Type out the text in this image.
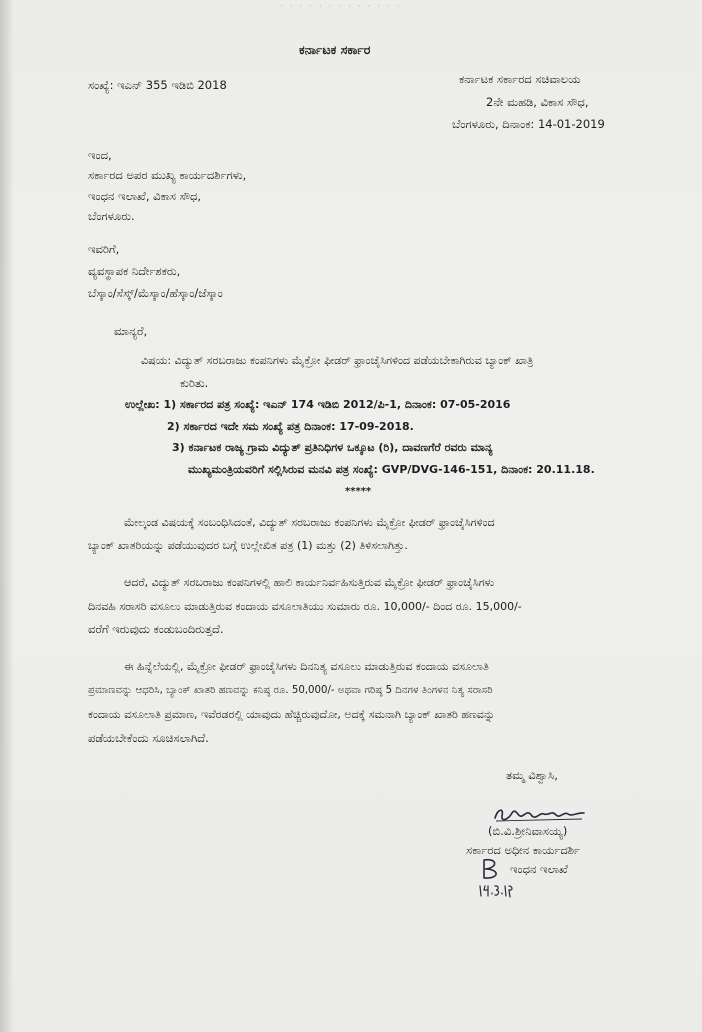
· · · · · · · · · · · · ·
ಕರ್ನಾಟಕ ಸರ್ಕಾರ
ಸಂಖ್ಯೆ: ಇಎನ್ 355 ಇಡಿಬಿ 2018	ಕರ್ನಾಟಕ ಸರ್ಕಾರದ ಸಚಿವಾಲಯ
2ನೇ ಮಹಡಿ, ವಿಕಾಸ ಸೌಧ,
ಬೆಂಗಳೂರು, ದಿನಾಂಕ: 14-01-2019
ಇಂದ,
ಸರ್ಕಾರದ ಅಪರ ಮುಖ್ಯ ಕಾರ್ಯದರ್ಶಿಗಳು,
ಇಂಧನ ಇಲಾಖೆ, ವಿಕಾಸ ಸೌಧ,
ಬೆಂಗಳೂರು.
ಇವರಿಗೆ,
ವ್ಯವಸ್ಥಾಪಕ ನಿರ್ದೇಶಕರು,
ಬೆಸ್ಕಾಂ/ಸೆಸ್ಕ್/ಮೆಸ್ಕಾಂ/ಹೆಸ್ಕಾಂ/ಜೆಸ್ಕಾಂ
ಮಾನ್ಯರೆ,
ವಿಷಯ: ವಿದ್ಯುತ್ ಸರಬರಾಜು ಕಂಪನಿಗಳು ಮೈಕ್ರೋ ಫೀಡರ್ ಫ್ರಾಂಚೈಸಿಗಳಿಂದ ಪಡೆಯಬೇಕಾಗಿರುವ ಬ್ಯಾಂಕ್ ಖಾತ್ರಿ
ಕುರಿತು.
ಉಲ್ಲೇಖ: 1) ಸರ್ಕಾರದ ಪತ್ರ ಸಂಖ್ಯೆ: ಇಎನ್ 174 ಇಡಿಬಿ 2012/ಪಿ-1, ದಿನಾಂಕ: 07-05-2016
2) ಸರ್ಕಾರದ ಇದೇ ಸಮ ಸಂಖ್ಯೆ ಪತ್ರ ದಿನಾಂಕ: 17-09-2018.
3) ಕರ್ನಾಟಕ ರಾಜ್ಯ ಗ್ರಾಮ ವಿದ್ಯುತ್ ಪ್ರತಿನಿಧಿಗಳ ಒಕ್ಕೂಟ (ರಿ), ದಾವಣಗೆರೆ ರವರು ಮಾನ್ಯ
ಮುಖ್ಯಮಂತ್ರಿಯವರಿಗೆ ಸಲ್ಲಿಸಿರುವ ಮನವಿ ಪತ್ರ ಸಂಖ್ಯೆ: GVP/DVG-146-151, ದಿನಾಂಕ: 20.11.18.
*****
ಮೇಲ್ಕಂಡ ವಿಷಯಕ್ಕೆ ಸಂಬಂಧಿಸಿದಂತೆ, ವಿದ್ಯುತ್ ಸರಬರಾಜು ಕಂಪನಿಗಳು ಮೈಕ್ರೋ ಫೀಡರ್ ಫ್ರಾಂಚೈಸಿಗಳಿಂದ
ಬ್ಯಾಂಕ್ ಖಾತರಿಯನ್ನು ಪಡೆಯುವುದರ ಬಗ್ಗೆ ಉಲ್ಲೇಖಿತ ಪತ್ರ (1) ಮತ್ತು (2) ತಿಳಿಸಲಾಗಿತ್ತು.
ಆದರೆ, ವಿದ್ಯುತ್ ಸರಬರಾಜು ಕಂಪನಿಗಳಲ್ಲಿ ಹಾಲಿ ಕಾರ್ಯನಿರ್ವಹಿಸುತ್ತಿರುವ ಮೈಕ್ರೋ ಫೀಡರ್ ಫ್ರಾಂಚೈಸಿಗಳು
ದಿನವಹಿ ಸರಾಸರಿ ವಸೂಲು ಮಾಡುತ್ತಿರುವ ಕಂದಾಯ ವಸೂಲಾತಿಯು ಸುಮಾರು ರೂ. 10,000/- ದಿಂದ ರೂ. 15,000/-
ವರೆಗೆ ಇರುವುದು ಕಂಡುಬಂದಿರುತ್ತದೆ.
ಈ ಹಿನ್ನೆಲೆಯಲ್ಲಿ, ಮೈಕ್ರೋ ಫೀಡರ್ ಫ್ರಾಂಚೈಸಿಗಳು ದಿನನಿತ್ಯ ವಸೂಲು ಮಾಡುತ್ತಿರುವ ಕಂದಾಯ ವಸೂಲಾತಿ
ಪ್ರಮಾಣವನ್ನು ಆಧರಿಸಿ, ಬ್ಯಾಂಕ್ ಖಾತರಿ ಹಣವನ್ನು ಕನಿಷ್ಠ ರೂ. 50,000/- ಅಥವಾ ಗರಿಷ್ಠ 5 ದಿನಗಳ ತಿಂಗಳನ ನಿತ್ಯ ಸರಾಸರಿ
ಕಂದಾಯ ವಸೂಲಾತಿ ಪ್ರಮಾಣ, ಇವೆರಡರಲ್ಲಿ ಯಾವುದು ಹೆಚ್ಚಿರುವುದೋ, ಅದಕ್ಕೆ ಸಮನಾಗಿ ಬ್ಯಾಂಕ್ ಖಾತರಿ ಹಣವನ್ನು
ಪಡೆಯಬೇಕೆಂದು ಸೂಚಿಸಲಾಗಿದೆ.
ತಮ್ಮ ವಿಶ್ವಾಸಿ,
(ಬಿ.ವಿ.ಶ್ರೀನಿವಾಸಯ್ಯ)
ಸರ್ಕಾರದ ಅಧೀನ ಕಾರ್ಯದರ್ಶಿ
ಇಂಧನ ಇಲಾಖೆ
